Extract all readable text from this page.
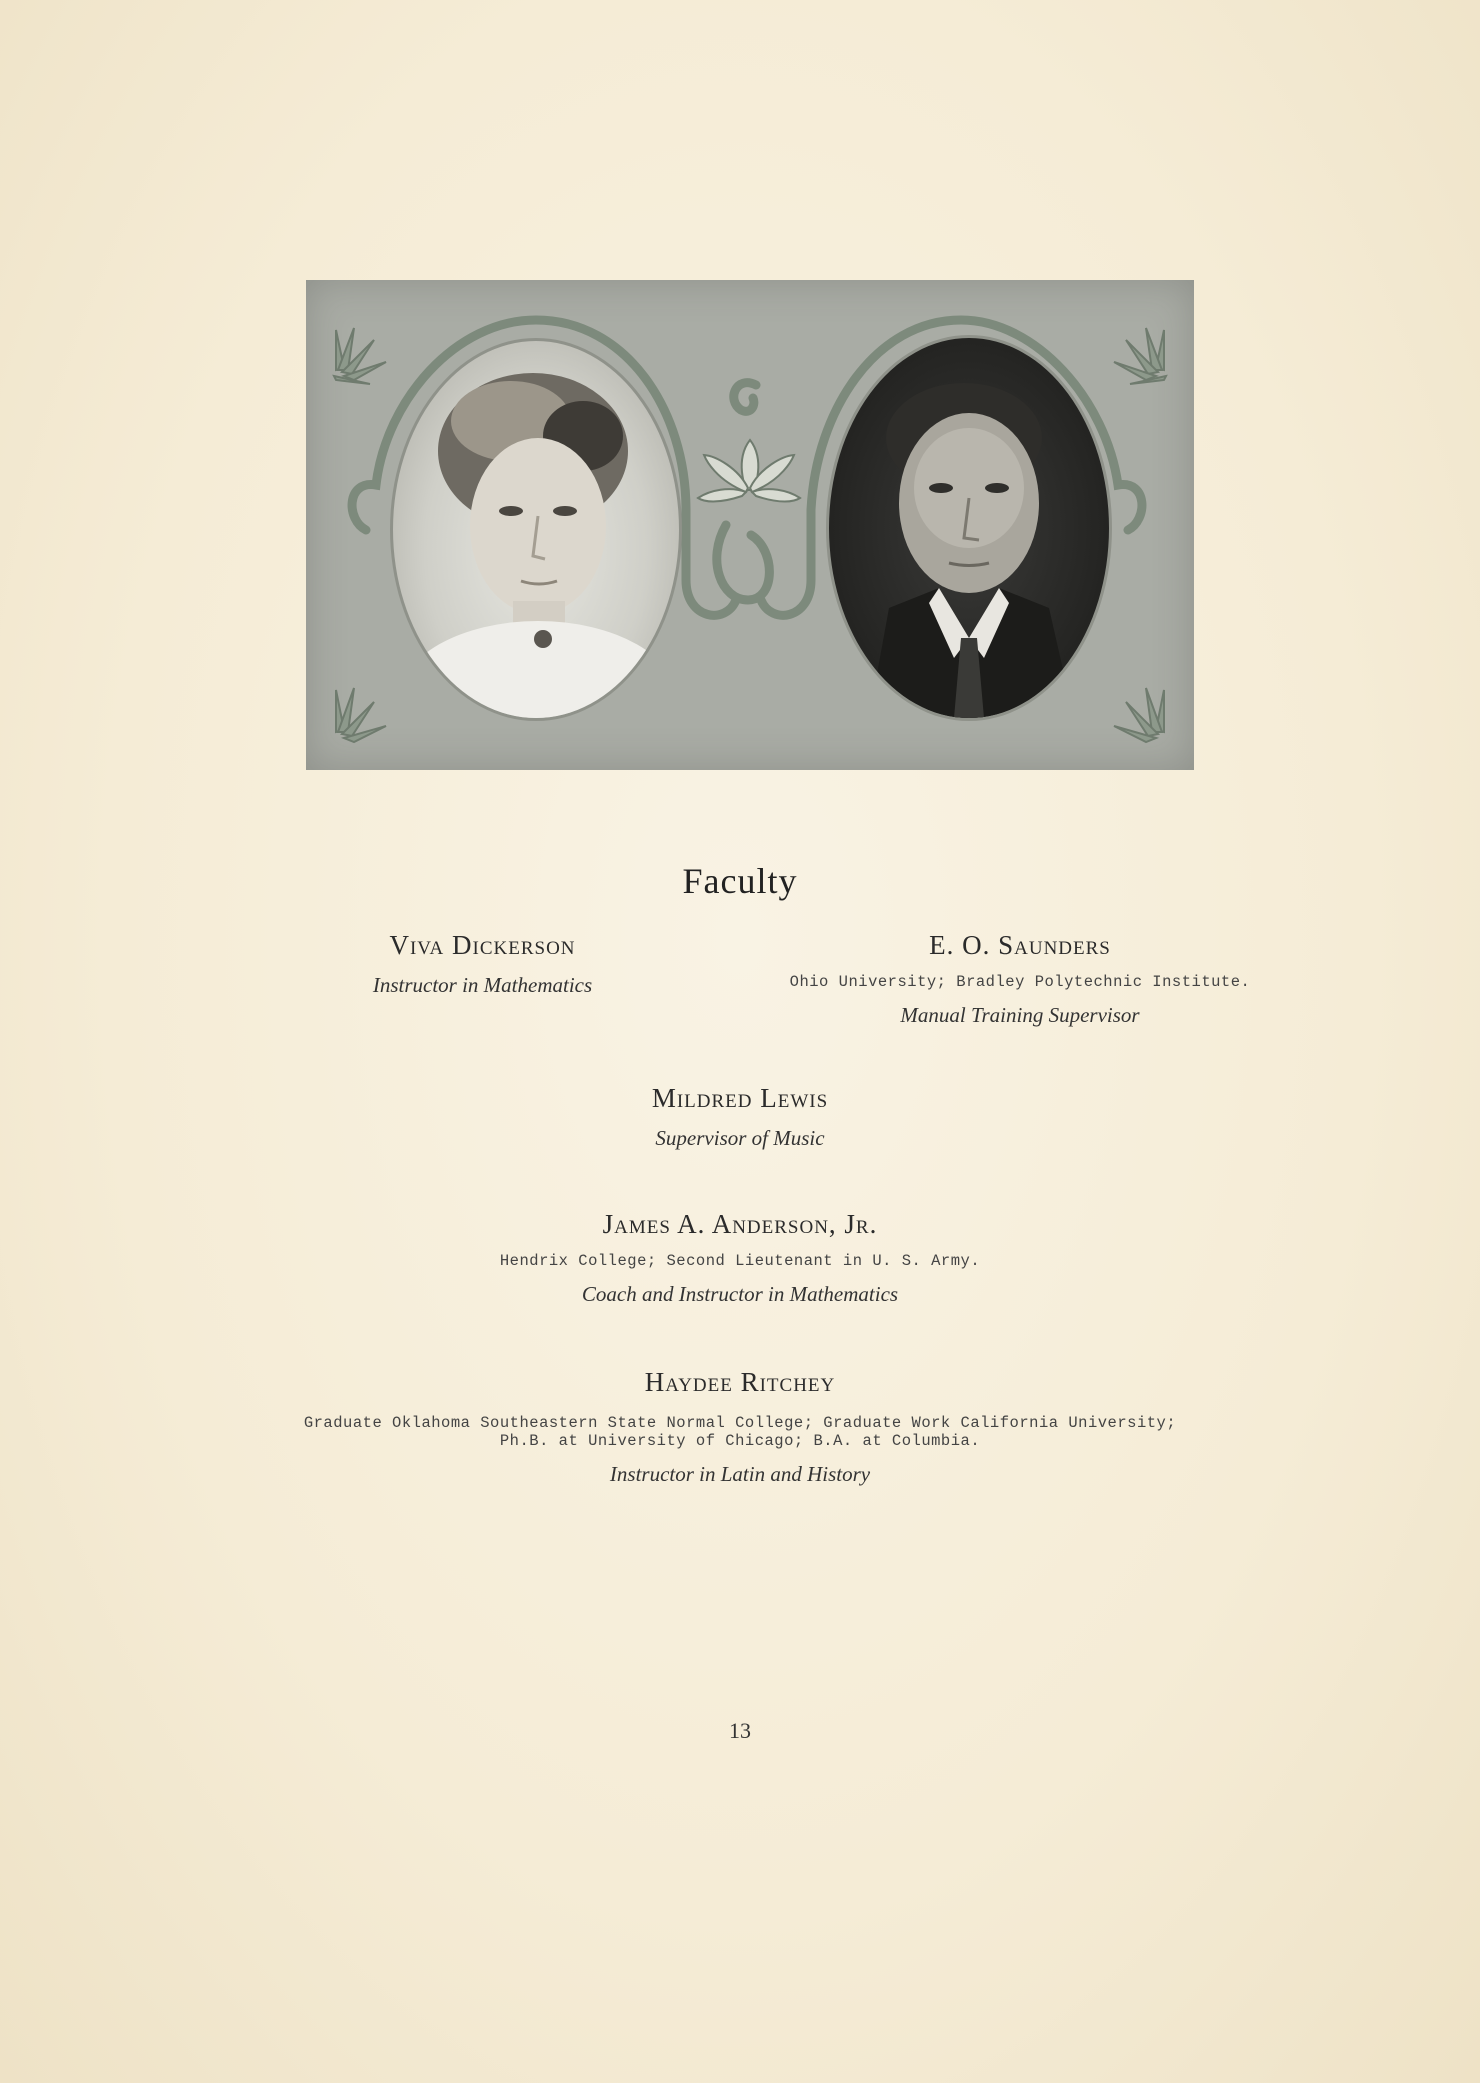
Faculty
Viva Dickerson
Instructor in Mathematics
E. O. Saunders
Ohio University; Bradley Polytechnic Institute.
Manual Training Supervisor
Mildred Lewis
Supervisor of Music
James A. Anderson, Jr.
Hendrix College; Second Lieutenant in U. S. Army.
Coach and Instructor in Mathematics
Haydee Ritchey
Graduate Oklahoma Southeastern State Normal College; Graduate Work California University;
Ph.B. at University of Chicago; B.A. at Columbia.
Instructor in Latin and History
13
